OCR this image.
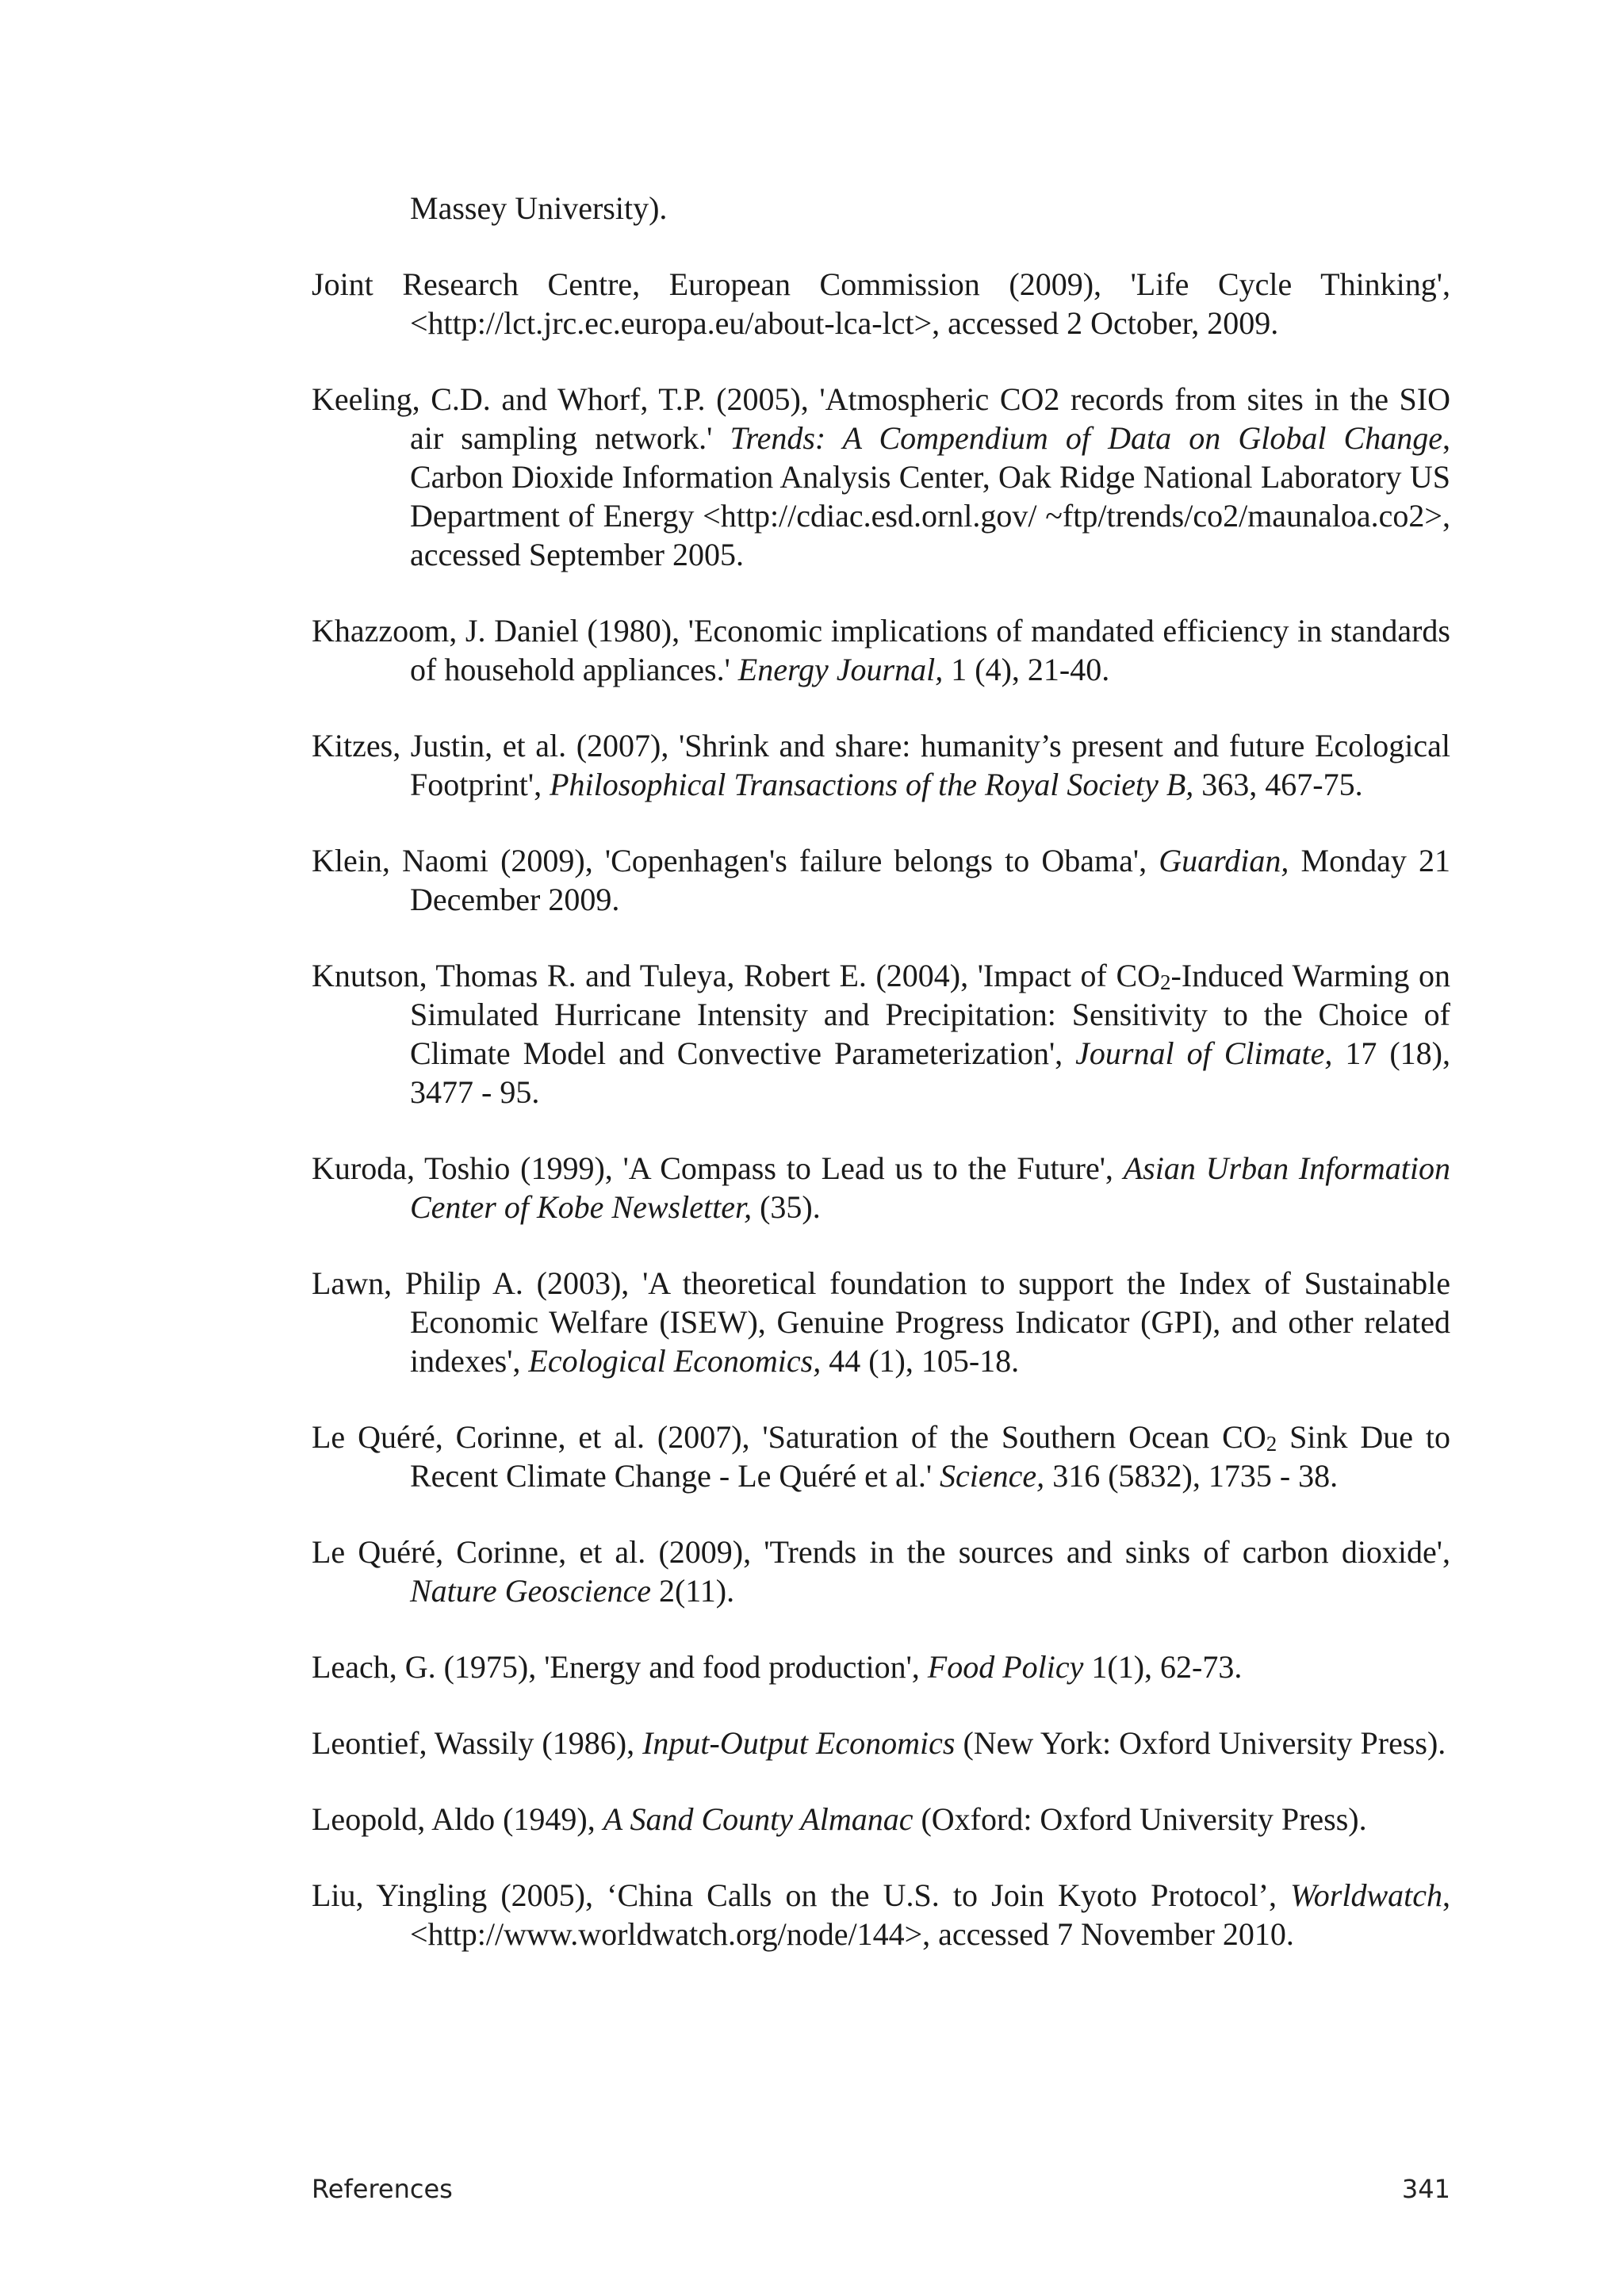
Massey University).

Joint Research Centre, European Commission (2009), 'Life Cycle Thinking', <http://lct.jrc.ec.europa.eu/about-lca-lct>, accessed 2 October, 2009.

Keeling, C.D. and Whorf, T.P. (2005), 'Atmospheric CO2 records from sites in the SIO air sampling network.' Trends: A Compendium of Data on Global Change, Carbon Dioxide Information Analysis Center, Oak Ridge National Laboratory US Department of Energy <http://cdiac.esd.ornl.gov/ ~ftp/trends/co2/maunaloa.co2>, accessed September 2005.

Khazzoom, J. Daniel (1980), 'Economic implications of mandated efficiency in standards of household appliances.' Energy Journal, 1 (4), 21-40.

Kitzes, Justin, et al. (2007), 'Shrink and share: humanity’s present and future Ecological Footprint', Philosophical Transactions of the Royal Society B, 363, 467-75.

Klein, Naomi (2009), 'Copenhagen's failure belongs to Obama', Guardian, Monday 21 December 2009.

Knutson, Thomas R. and Tuleya, Robert E. (2004), 'Impact of CO2-Induced Warming on Simulated Hurricane Intensity and Precipitation: Sensitivity to the Choice of Climate Model and Convective Parameterization', Journal of Climate, 17 (18), 3477 - 95.

Kuroda, Toshio (1999), 'A Compass to Lead us to the Future', Asian Urban Information Center of Kobe Newsletter, (35).

Lawn, Philip A. (2003), 'A theoretical foundation to support the Index of Sustainable Economic Welfare (ISEW), Genuine Progress Indicator (GPI), and other related indexes', Ecological Economics, 44 (1), 105-18.

Le Quéré, Corinne, et al. (2007), 'Saturation of the Southern Ocean CO2 Sink Due to Recent Climate Change - Le Quéré et al.' Science, 316 (5832), 1735 - 38.

Le Quéré, Corinne, et al. (2009), 'Trends in the sources and sinks of carbon dioxide', Nature Geoscience 2(11).

Leach, G. (1975), 'Energy and food production', Food Policy 1(1), 62-73.

Leontief, Wassily (1986), Input-Output Economics (New York: Oxford University Press).

Leopold, Aldo (1949), A Sand County Almanac (Oxford: Oxford University Press).

Liu, Yingling (2005), ‘China Calls on the U.S. to Join Kyoto Protocol’, Worldwatch, <http://www.worldwatch.org/node/144>, accessed 7 November 2010.

References	341
